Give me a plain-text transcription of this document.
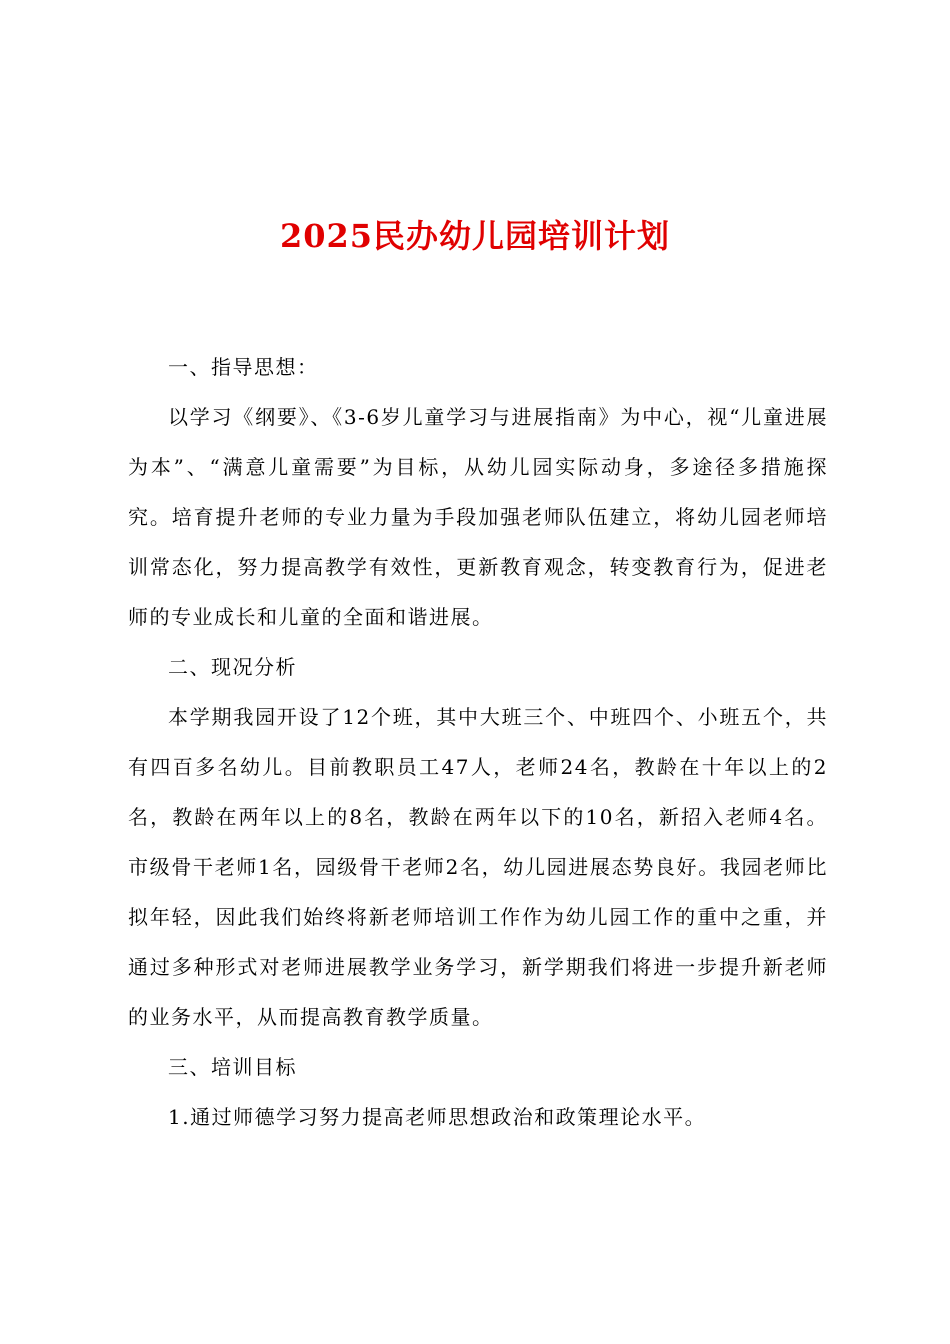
2025民办幼儿园培训计划

一、指导思想：

以学习《纲要》、《3-6岁儿童学习与进展指南》为中心，视“儿童进展为本”、“满意儿童需要”为目标，从幼儿园实际动身，多途径多措施探究。培育提升老师的专业力量为手段加强老师队伍建立，将幼儿园老师培训常态化，努力提高教学有效性，更新教育观念，转变教育行为，促进老师的专业成长和儿童的全面和谐进展。

二、现况分析

本学期我园开设了12个班，其中大班三个、中班四个、小班五个，共有四百多名幼儿。目前教职员工47人，老师24名，教龄在十年以上的2名，教龄在两年以上的8名，教龄在两年以下的10名，新招入老师4名。市级骨干老师1名，园级骨干老师2名，幼儿园进展态势良好。我园老师比拟年轻，因此我们始终将新老师培训工作作为幼儿园工作的重中之重，并通过多种形式对老师进展教学业务学习，新学期我们将进一步提升新老师的业务水平，从而提高教育教学质量。

三、培训目标

1.通过师德学习努力提高老师思想政治和政策理论水平。
